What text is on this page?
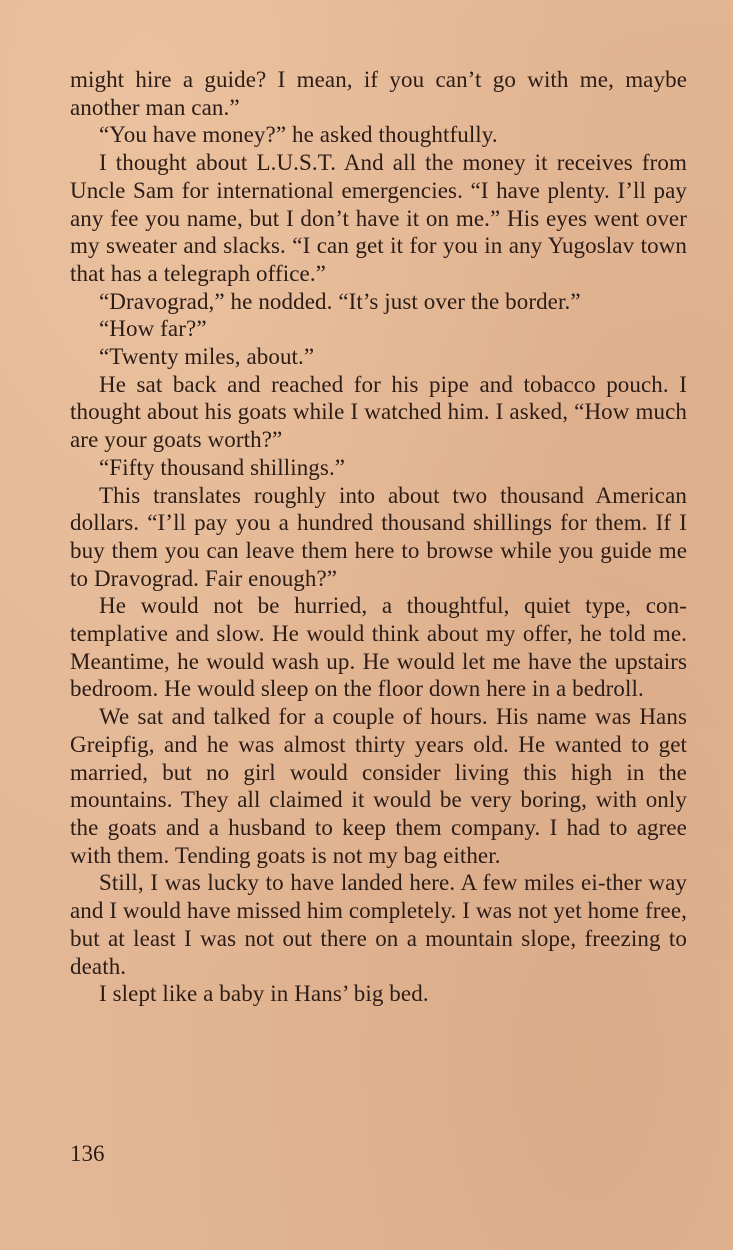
might hire a guide? I mean, if you can’t go with me, maybe another man can.”

“You have money?” he asked thoughtfully.

I thought about L.U.S.T. And all the money it receives from Uncle Sam for international emergencies. “I have plenty. I’ll pay any fee you name, but I don’t have it on me.” His eyes went over my sweater and slacks. “I can get it for you in any Yugoslav town that has a telegraph office.”

“Dravograd,” he nodded. “It’s just over the border.”

“How far?”

“Twenty miles, about.”

He sat back and reached for his pipe and tobacco pouch. I thought about his goats while I watched him. I asked, “How much are your goats worth?”

“Fifty thousand shillings.”

This translates roughly into about two thousand American dollars. “I’ll pay you a hundred thousand shillings for them. If I buy them you can leave them here to browse while you guide me to Dravograd. Fair enough?”

He would not be hurried, a thoughtful, quiet type, con-templative and slow. He would think about my offer, he told me. Meantime, he would wash up. He would let me have the upstairs bedroom. He would sleep on the floor down here in a bedroll.

We sat and talked for a couple of hours. His name was Hans Greipfig, and he was almost thirty years old. He wanted to get married, but no girl would consider living this high in the mountains. They all claimed it would be very boring, with only the goats and a husband to keep them company. I had to agree with them. Tending goats is not my bag either.

Still, I was lucky to have landed here. A few miles ei-ther way and I would have missed him completely. I was not yet home free, but at least I was not out there on a mountain slope, freezing to death.

I slept like a baby in Hans’ big bed.

136
